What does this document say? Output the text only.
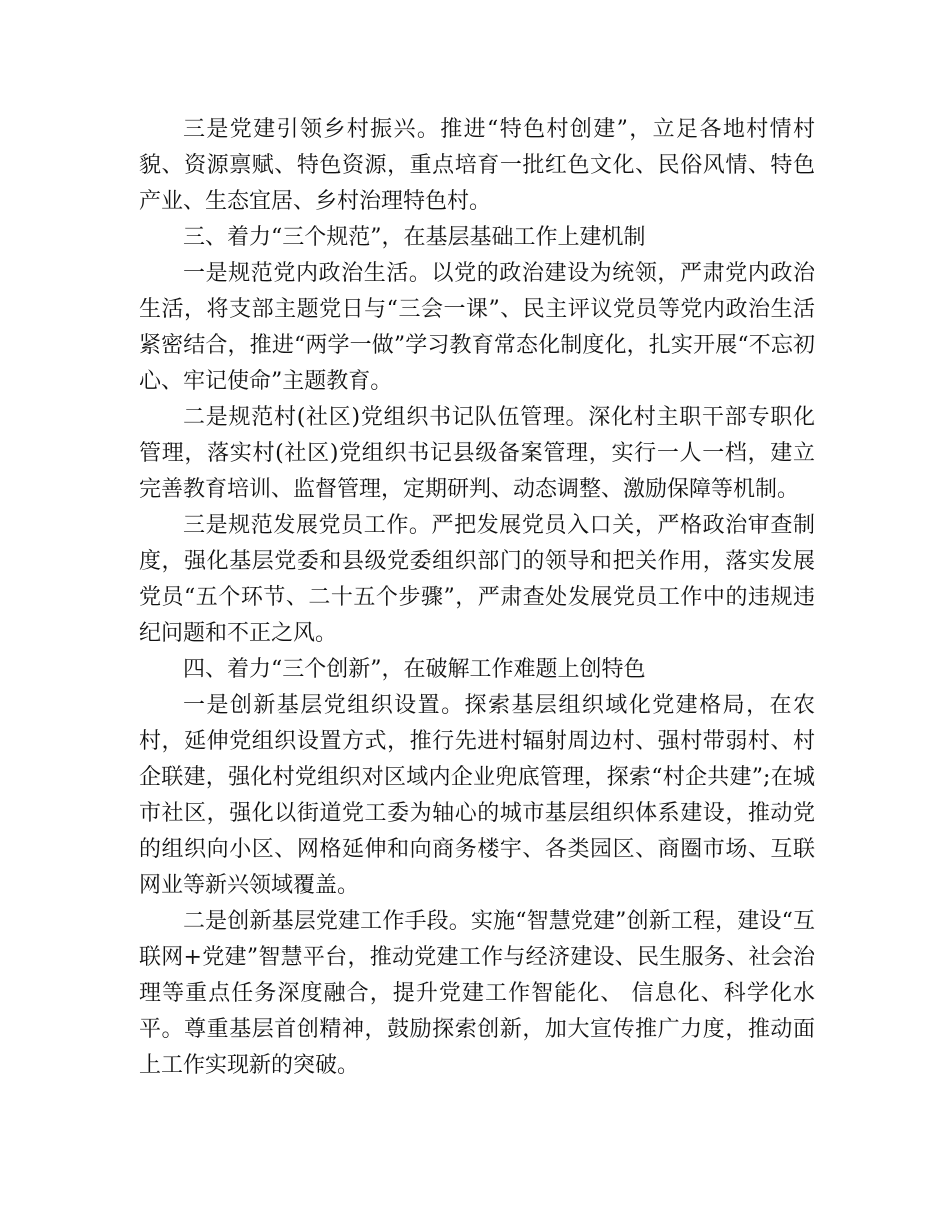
三是党建引领乡村振兴。推进“特色村创建”，立足各地村情村貌、资源禀赋、特色资源，重点培育一批红色文化、民俗风情、特色产业、生态宜居、乡村治理特色村。

三、着力“三个规范”，在基层基础工作上建机制

一是规范党内政治生活。以党的政治建设为统领，严肃党内政治生活，将支部主题党日与“三会一课”、民主评议党员等党内政治生活紧密结合，推进“两学一做”学习教育常态化制度化，扎实开展“不忘初心、牢记使命”主题教育。

二是规范村(社区)党组织书记队伍管理。深化村主职干部专职化管理，落实村(社区)党组织书记县级备案管理，实行一人一档，建立完善教育培训、监督管理，定期研判、动态调整、激励保障等机制。

三是规范发展党员工作。严把发展党员入口关，严格政治审查制度，强化基层党委和县级党委组织部门的领导和把关作用，落实发展党员“五个环节、二十五个步骤”，严肃查处发展党员工作中的违规违纪问题和不正之风。

四、着力“三个创新”，在破解工作难题上创特色

一是创新基层党组织设置。探索基层组织域化党建格局，在农村，延伸党组织设置方式，推行先进村辐射周边村、强村带弱村、村企联建，强化村党组织对区域内企业兜底管理，探索“村企共建”;在城市社区，强化以街道党工委为轴心的城市基层组织体系建设，推动党的组织向小区、网格延伸和向商务楼宇、各类园区、商圈市场、互联网业等新兴领域覆盖。

二是创新基层党建工作手段。实施“智慧党建”创新工程，建设“互联网+党建”智慧平台，推动党建工作与经济建设、民生服务、社会治理等重点任务深度融合，提升党建工作智能化、 信息化、科学化水平。尊重基层首创精神，鼓励探索创新，加大宣传推广力度，推动面上工作实现新的突破。
